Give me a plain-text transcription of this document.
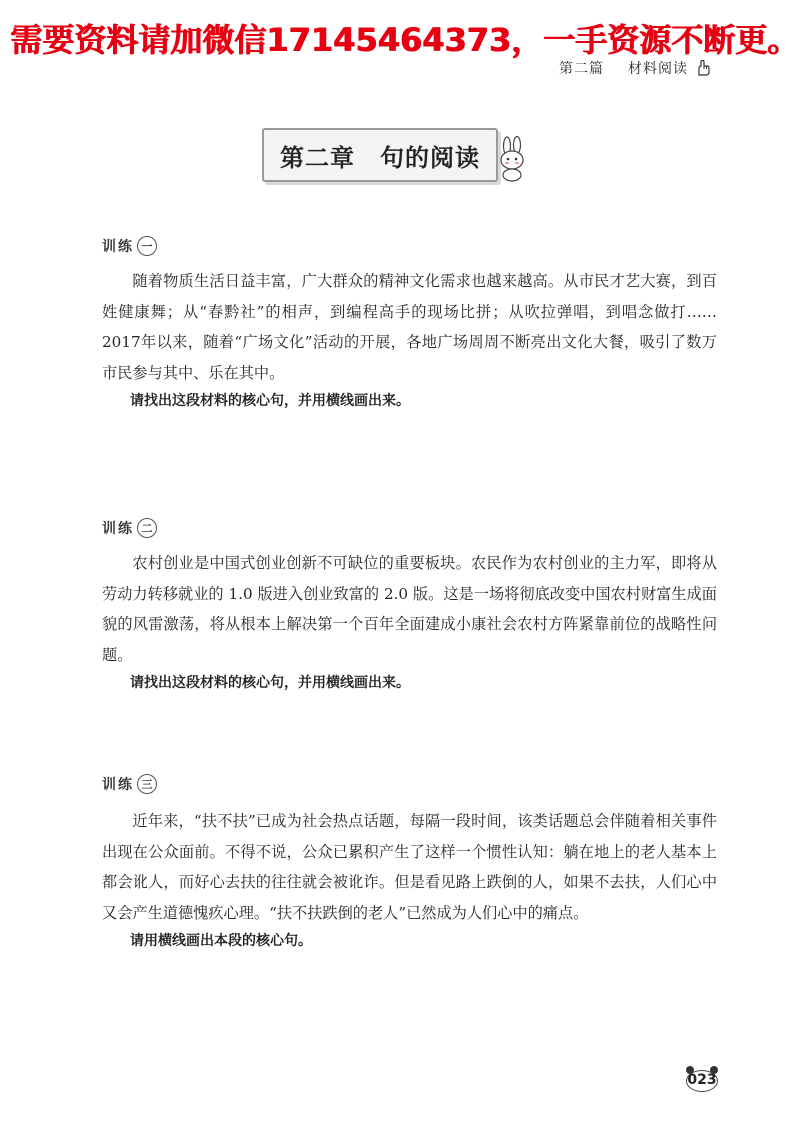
需要资料请加微信17145464373，一手资源不断更。
第二篇 材料阅读
第二章　句的阅读
训练 一

随着物质生活日益丰富，广大群众的精神文化需求也越来越高。从市民才艺大赛，到百姓健康舞；从“春黔社”的相声，到编程高手的现场比拼；从吹拉弹唱，到唱念做打……2017年以来，随着“广场文化”活动的开展，各地广场周周不断亮出文化大餐，吸引了数万市民参与其中、乐在其中。

请找出这段材料的核心句，并用横线画出来。

训练 二

农村创业是中国式创业创新不可缺位的重要板块。农民作为农村创业的主力军，即将从劳动力转移就业的 1.0 版进入创业致富的 2.0 版。这是一场将彻底改变中国农村财富生成面貌的风雷激荡，将从根本上解决第一个百年全面建成小康社会农村方阵紧靠前位的战略性问题。

请找出这段材料的核心句，并用横线画出来。

训练 三

近年来，“扶不扶”已成为社会热点话题，每隔一段时间，该类话题总会伴随着相关事件出现在公众面前。不得不说，公众已累积产生了这样一个惯性认知：躺在地上的老人基本上都会讹人，而好心去扶的往往就会被讹诈。但是看见路上跌倒的人，如果不去扶，人们心中又会产生道德愧疚心理。“扶不扶跌倒的老人”已然成为人们心中的痛点。

请用横线画出本段的核心句。

023
